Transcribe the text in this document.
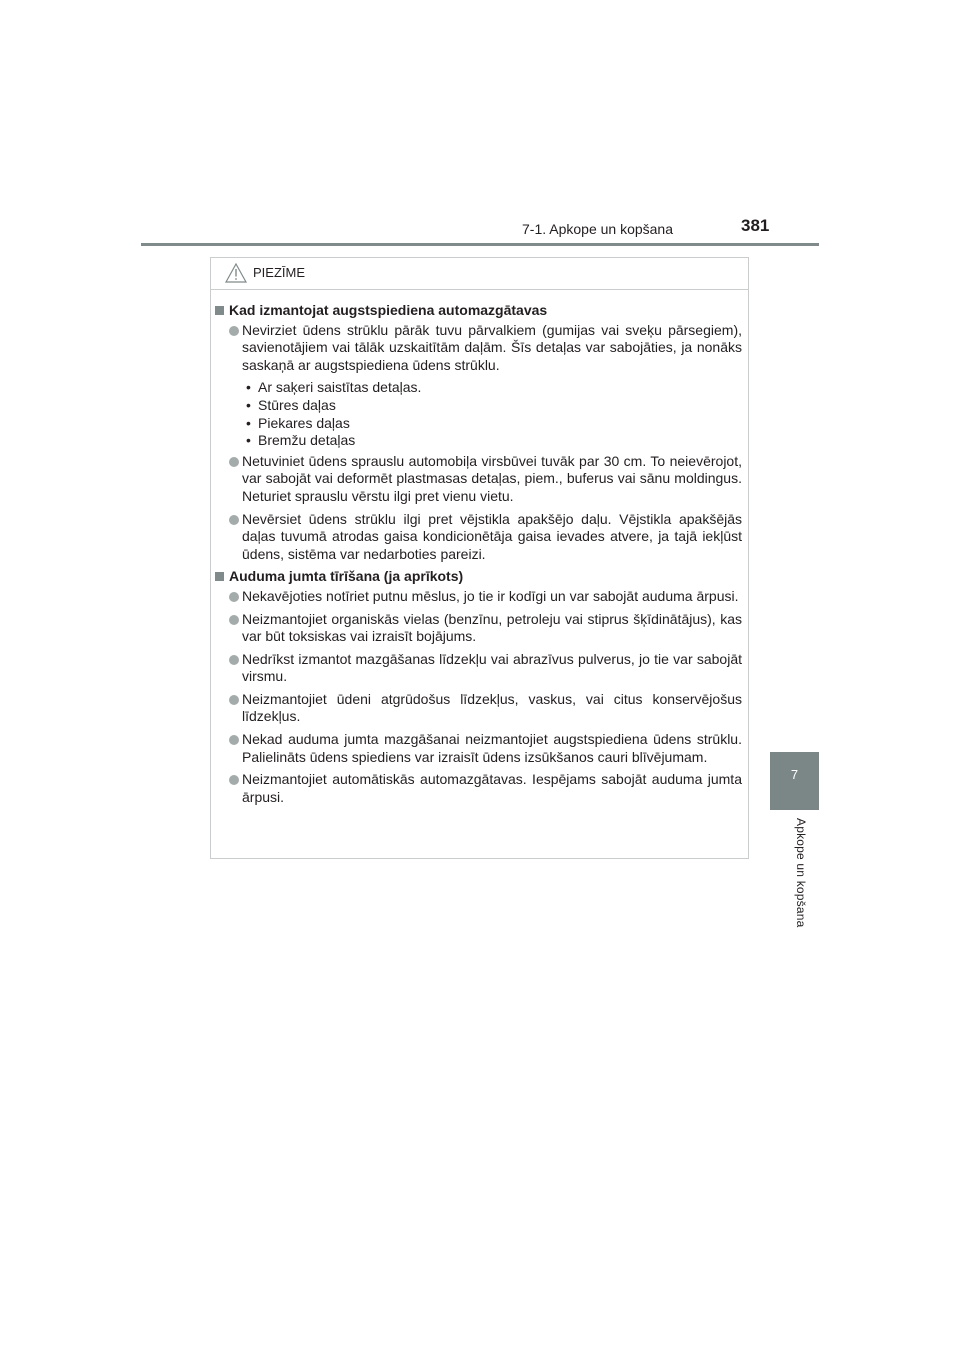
7-1. Apkope un kopšana	381
7
Apkope un kopšana
PIEZĪME
Kad izmantojat augstspiediena automazgātavas
Nevirziet ūdens strūklu pārāk tuvu pārvalkiem (gumijas vai sveķu pārsegiem), savienotājiem vai tālāk uzskaitītām daļām. Šīs detaļas var sabojāties, ja nonāks saskaņā ar augstspiediena ūdens strūklu.
• Ar saķeri saistītas detaļas.
• Stūres daļas
• Piekares daļas
• Bremžu detaļas
Netuviniet ūdens sprauslu automobiļa virsbūvei tuvāk par 30 cm. To neievērojot, var sabojāt vai deformēt plastmasas detaļas, piem., buferus vai sānu moldingus. Neturiet sprauslu vērstu ilgi pret vienu vietu.
Nevērsiet ūdens strūklu ilgi pret vējstikla apakšējo daļu. Vējstikla apakšējās daļas tuvumā atrodas gaisa kondicionētāja gaisa ievades atvere, ja tajā iekļūst ūdens, sistēma var nedarboties pareizi.
Auduma jumta tīrīšana (ja aprīkots)
Nekavējoties notīriet putnu mēslus, jo tie ir kodīgi un var sabojāt auduma ārpusi.
Neizmantojiet organiskās vielas (benzīnu, petroleju vai stiprus šķīdinātājus), kas var būt toksiskas vai izraisīt bojājums.
Nedrīkst izmantot mazgāšanas līdzekļu vai abrazīvus pulverus, jo tie var sabojāt virsmu.
Neizmantojiet ūdeni atgrūdošus līdzekļus, vaskus, vai citus konservējošus līdzekļus.
Nekad auduma jumta mazgāšanai neizmantojiet augstspiediena ūdens strūklu. Palielināts ūdens spiediens var izraisīt ūdens izsūkšanos cauri blīvējumam.
Neizmantojiet automātiskās automazgātavas. Iespējams sabojāt auduma jumta ārpusi.
